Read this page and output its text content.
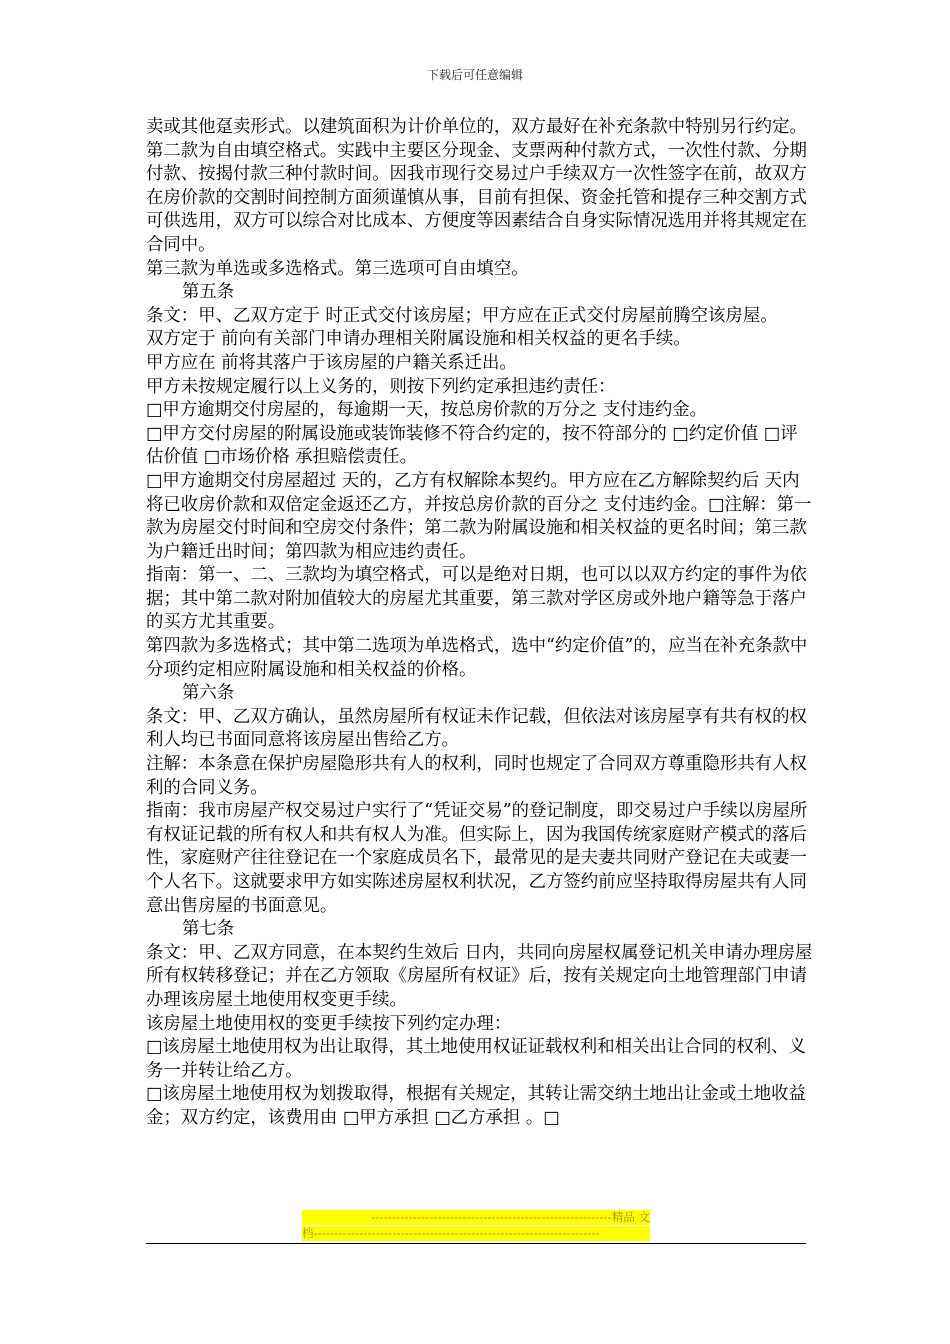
下载后可任意编辑

卖或其他趸卖形式。以建筑面积为计价单位的，双方最好在补充条款中特别另行约定。第二款为自由填空格式。实践中主要区分现金、支票两种付款方式，一次性付款、分期付款、按揭付款三种付款时间。因我市现行交易过户手续双方一次性签字在前，故双方在房价款的交割时间控制方面须谨慎从事，目前有担保、资金托管和提存三种交割方式可供选用，双方可以综合对比成本、方便度等因素结合自身实际情况选用并将其规定在合同中。

第三款为单选或多选格式。第三选项可自由填空。

第五条

条文：甲、乙双方定于 时正式交付该房屋；甲方应在正式交付房屋前腾空该房屋。

双方定于 前向有关部门申请办理相关附属设施和相关权益的更名手续。

甲方应在 前将其落户于该房屋的户籍关系迁出。

甲方未按规定履行以上义务的，则按下列约定承担违约责任：

□甲方逾期交付房屋的，每逾期一天，按总房价款的万分之 支付违约金。

□甲方交付房屋的附属设施或装饰装修不符合约定的，按不符部分的 □约定价值 □评估价值 □市场价格 承担赔偿责任。

□甲方逾期交付房屋超过 天的，乙方有权解除本契约。甲方应在乙方解除契约后 天内将已收房价款和双倍定金返还乙方，并按总房价款的百分之 支付违约金。□注解：第一款为房屋交付时间和空房交付条件；第二款为附属设施和相关权益的更名时间；第三款为户籍迁出时间；第四款为相应违约责任。

指南：第一、二、三款均为填空格式，可以是绝对日期，也可以以双方约定的事件为依据；其中第二款对附加值较大的房屋尤其重要，第三款对学区房或外地户籍等急于落户的买方尤其重要。

第四款为多选格式；其中第二选项为单选格式，选中“约定价值”的，应当在补充条款中分项约定相应附属设施和相关权益的价格。

第六条

条文：甲、乙双方确认，虽然房屋所有权证未作记载，但依法对该房屋享有共有权的权利人均已书面同意将该房屋出售给乙方。

注解：本条意在保护房屋隐形共有人的权利，同时也规定了合同双方尊重隐形共有人权利的合同义务。

指南：我市房屋产权交易过户实行了“凭证交易”的登记制度，即交易过户手续以房屋所有权证记载的所有权人和共有权人为准。但实际上，因为我国传统家庭财产模式的落后性，家庭财产往往登记在一个家庭成员名下，最常见的是夫妻共同财产登记在夫或妻一个人名下。这就要求甲方如实陈述房屋权利状况，乙方签约前应坚持取得房屋共有人同意出售房屋的书面意见。

第七条

条文：甲、乙双方同意，在本契约生效后 日内，共同向房屋权属登记机关申请办理房屋所有权转移登记；并在乙方领取《房屋所有权证》后，按有关规定向土地管理部门申请办理该房屋土地使用权变更手续。

该房屋土地使用权的变更手续按下列约定办理：

□该房屋土地使用权为出让取得，其土地使用权证证载权利和相关出让合同的权利、义务一并转让给乙方。

□该房屋土地使用权为划拨取得，根据有关规定，其转让需交纳土地出让金或土地收益金；双方约定，该费用由 □甲方承担 □乙方承担 。□

----------------------------------------------------------精品 文
档---------------------------------------------------------------------
